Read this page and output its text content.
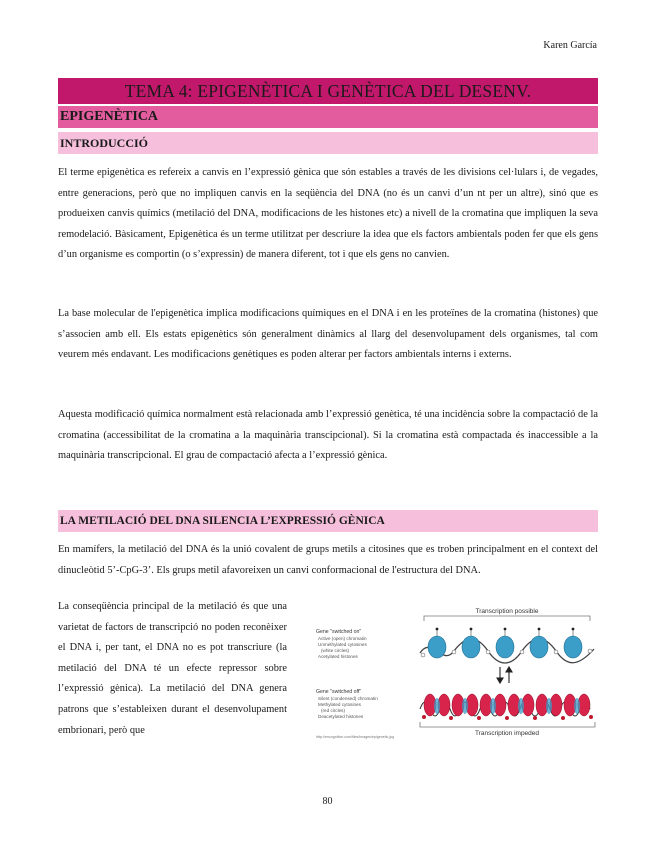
Karen García
TEMA 4: EPIGENÈTICA I GENÈTICA DEL DESENV.
EPIGENÈTICA
INTRODUCCIÓ

El terme epigenètica es refereix a canvis en l’expressió gènica que són estables a través de les divisions cel·lulars i, de vegades, entre generacions, però que no impliquen canvis en la seqüència del DNA (no és un canvi d’un nt per un altre), sinó que es produeixen canvis químics (metilació del DNA, modificacions de les histones etc) a nivell de la cromatina que impliquen la seva remodelació. Bàsicament, Epigenètica és un terme utilitzat per descriure la idea que els factors ambientals poden fer que els gens d’un organisme es comportin (o s’expressin) de manera diferent, tot i que els gens no canvien.

La base molecular de l'epigenètica implica modificacions químiques en el DNA i en les proteïnes de la cromatina (histones) que s’associen amb ell. Els estats epigenètics són generalment dinàmics al llarg del desenvolupament dels organismes, tal com veurem més endavant. Les modificacions genètiques es poden alterar per factors ambientals interns i externs.

Aquesta modificació química normalment està relacionada amb l’expressió genètica, té una incidència sobre la compactació de la cromatina (accessibilitat de la cromatina a la maquinària transcipcional). Si la cromatina està compactada és inaccessible a la maquinària transcripcional. El grau de compactació afecta a l’expressió gènica.

LA METILACIÓ DEL DNA SILENCIA L’EXPRESSIÓ GÈNICA

En mamífers, la metilació del DNA és la unió covalent de grups metils a citosines que es troben principalment en el context del dinucleòtid 5’-CpG-3’. Els grups metil afavoreixen un canvi conformacional de l'estructura del DNA.

La conseqüència principal de la metilació és que una varietat de factors de transcripció no poden reconèixer el DNA i, per tant, el DNA no es pot transcriure (la metilació del DNA té un efecte repressor sobre l’expressió gènica). La metilació del DNA genera patrons que s’estableixen durant el desenvolupament embrionari, però que

Transcription possible
Gene "switched on"
Active (open) chromatin
Unmethylated cytosines
(white circles)
Acetylated histones
Gene "switched off"
Silent (condensed) chromatin
Methylated cytosines
(red circles)
Deacetylated histones
Transcription impeded
http://encognitive.com/files/images/epigenetic.jpg
80
